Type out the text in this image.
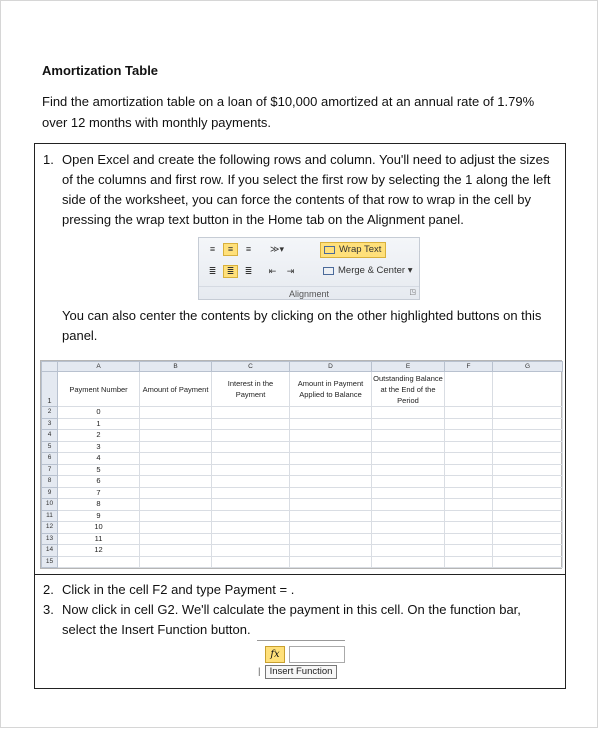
Amortization Table
Find the amortization table on a loan of $10,000 amortized at an annual rate of 1.79% over 12 months with monthly payments.
1. Open Excel and create the following rows and column. You'll need to adjust the sizes of the columns and first row. If you select the first row by selecting the 1 along the left side of the worksheet, you can force the contents of that row to wrap in the cell by pressing the wrap text button in the Home tab on the Alignment panel.
≡	≡	≡	≫▾
≣	≣	≣	⇤	⇥
Wrap Text
Merge & Center ▾
Alignment	◳
You can also center the contents by clicking on the other highlighted buttons on this panel.
	A	B	C	D	E	F	G
1	Payment Number	Amount of Payment	Interest in the Payment	Amount in Payment Applied to Balance	Outstanding Balance at the End of the Period		
2	0						
3	1						
4	2						
5	3						
6	4						
7	5						
8	6						
9	7						
10	8						
11	9						
12	10						
13	11						
14	12						
15							
2. Click in the cell F2 and type Payment = .
3. Now click in cell G2. We'll calculate the payment in this cell. On the function bar, select the Insert Function button.
fx
| Insert Function
